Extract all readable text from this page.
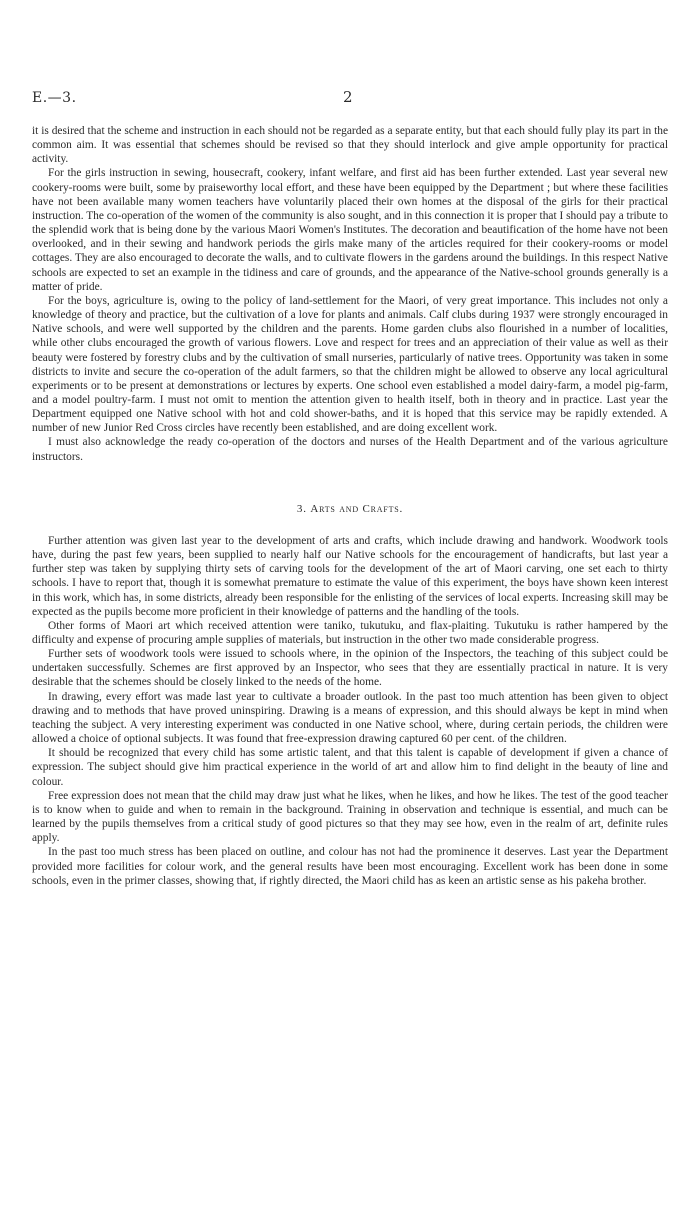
E.—3.	2

it is desired that the scheme and instruction in each should not be regarded as a separate entity, but that each should fully play its part in the common aim. It was essential that schemes should be revised so that they should interlock and give ample opportunity for practical activity.

For the girls instruction in sewing, housecraft, cookery, infant welfare, and first aid has been further extended. Last year several new cookery-rooms were built, some by praiseworthy local effort, and these have been equipped by the Department ; but where these facilities have not been available many women teachers have voluntarily placed their own homes at the disposal of the girls for their practical instruction. The co-operation of the women of the community is also sought, and in this connection it is proper that I should pay a tribute to the splendid work that is being done by the various Maori Women's Institutes. The decoration and beautification of the home have not been overlooked, and in their sewing and handwork periods the girls make many of the articles required for their cookery-rooms or model cottages. They are also encouraged to decorate the walls, and to cultivate flowers in the gardens around the buildings. In this respect Native schools are expected to set an example in the tidiness and care of grounds, and the appearance of the Native-school grounds generally is a matter of pride.

For the boys, agriculture is, owing to the policy of land-settlement for the Maori, of very great importance. This includes not only a knowledge of theory and practice, but the cultivation of a love for plants and animals. Calf clubs during 1937 were strongly encouraged in Native schools, and were well supported by the children and the parents. Home garden clubs also flourished in a number of localities, while other clubs encouraged the growth of various flowers. Love and respect for trees and an appreciation of their value as well as their beauty were fostered by forestry clubs and by the cultivation of small nurseries, particularly of native trees. Opportunity was taken in some districts to invite and secure the co-operation of the adult farmers, so that the children might be allowed to observe any local agricultural experiments or to be present at demonstrations or lectures by experts. One school even established a model dairy-farm, a model pig-farm, and a model poultry-farm. I must not omit to mention the attention given to health itself, both in theory and in practice. Last year the Department equipped one Native school with hot and cold shower-baths, and it is hoped that this service may be rapidly extended. A number of new Junior Red Cross circles have recently been established, and are doing excellent work.

I must also acknowledge the ready co-operation of the doctors and nurses of the Health Department and of the various agriculture instructors.

3. Arts and Crafts.

Further attention was given last year to the development of arts and crafts, which include drawing and handwork. Woodwork tools have, during the past few years, been supplied to nearly half our Native schools for the encouragement of handicrafts, but last year a further step was taken by supplying thirty sets of carving tools for the development of the art of Maori carving, one set each to thirty schools. I have to report that, though it is somewhat premature to estimate the value of this experiment, the boys have shown keen interest in this work, which has, in some districts, already been responsible for the enlisting of the services of local experts. Increasing skill may be expected as the pupils become more proficient in their knowledge of patterns and the handling of the tools.

Other forms of Maori art which received attention were taniko, tukutuku, and flax-plaiting. Tukutuku is rather hampered by the difficulty and expense of procuring ample supplies of materials, but instruction in the other two made considerable progress.

Further sets of woodwork tools were issued to schools where, in the opinion of the Inspectors, the teaching of this subject could be undertaken successfully. Schemes are first approved by an Inspector, who sees that they are essentially practical in nature. It is very desirable that the schemes should be closely linked to the needs of the home.

In drawing, every effort was made last year to cultivate a broader outlook. In the past too much attention has been given to object drawing and to methods that have proved uninspiring. Drawing is a means of expression, and this should always be kept in mind when teaching the subject. A very interesting experiment was conducted in one Native school, where, during certain periods, the children were allowed a choice of optional subjects. It was found that free-expression drawing captured 60 per cent. of the children.

It should be recognized that every child has some artistic talent, and that this talent is capable of development if given a chance of expression. The subject should give him practical experience in the world of art and allow him to find delight in the beauty of line and colour.

Free expression does not mean that the child may draw just what he likes, when he likes, and how he likes. The test of the good teacher is to know when to guide and when to remain in the background. Training in observation and technique is essential, and much can be learned by the pupils themselves from a critical study of good pictures so that they may see how, even in the realm of art, definite rules apply.

In the past too much stress has been placed on outline, and colour has not had the prominence it deserves. Last year the Department provided more facilities for colour work, and the general results have been most encouraging. Excellent work has been done in some schools, even in the primer classes, showing that, if rightly directed, the Maori child has as keen an artistic sense as his pakeha brother.
